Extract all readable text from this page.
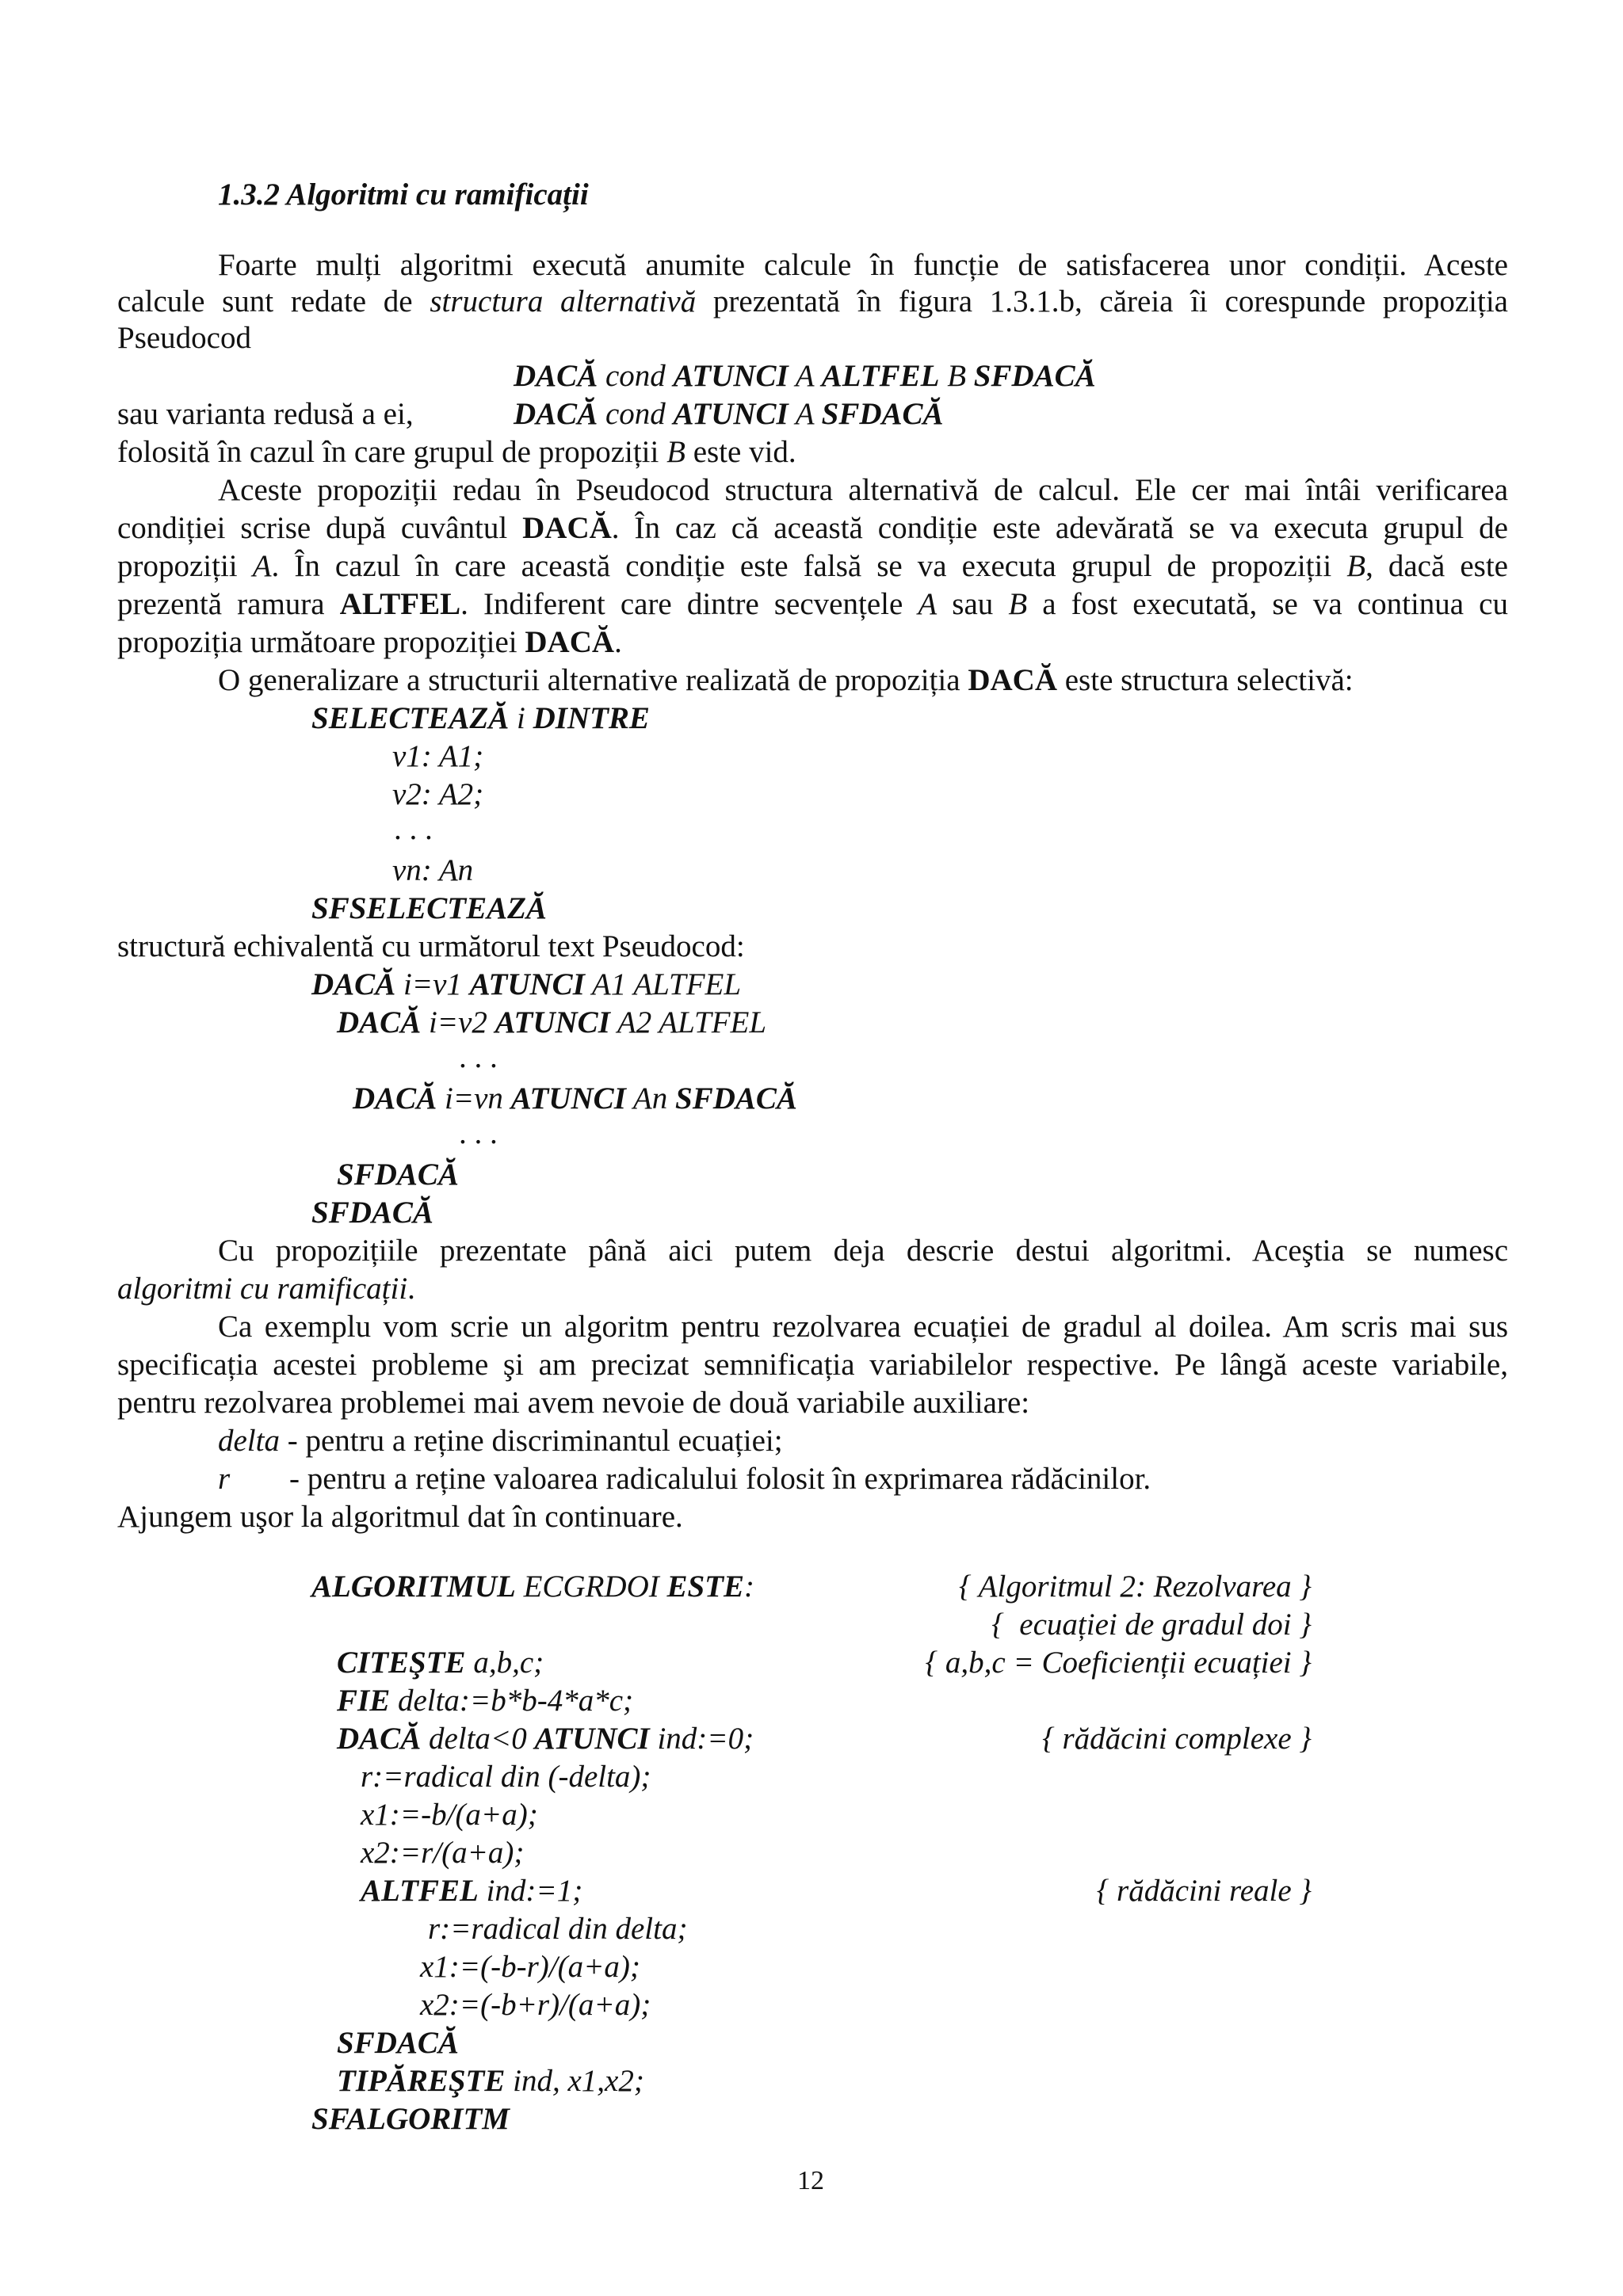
1.3.2 Algoritmi cu ramificații
Foarte mulți algoritmi execută anumite calcule în funcție de satisfacerea unor condiții. Aceste
calcule sunt redate de structura alternativă prezentată în figura 1.3.1.b, căreia îi corespunde propoziția
Pseudocod
DACĂ cond ATUNCI A ALTFEL B SFDACĂ
sau varianta redusă a ei,	DACĂ cond ATUNCI A SFDACĂ
folosită în cazul în care grupul de propoziții B este vid.
Aceste propoziții redau în Pseudocod structura alternativă de calcul. Ele cer mai întâi verificarea
condiției scrise după cuvântul DACĂ. În caz că această condiție este adevărată se va executa grupul de
propoziții A. În cazul în care această condiție este falsă se va executa grupul de propoziții B, dacă este
prezentă ramura ALTFEL. Indiferent care dintre secvențele A sau B a fost executată, se va continua cu
propoziția următoare propoziției DACĂ.
O generalizare a structurii alternative realizată de propoziția DACĂ este structura selectivă:
SELECTEAZĂ i DINTRE
v1: A1;
v2: A2;
. . .
vn: An
SFSELECTEAZĂ
structură echivalentă cu următorul text Pseudocod:
DACĂ i=v1 ATUNCI A1 ALTFEL
DACĂ i=v2 ATUNCI A2 ALTFEL
. . .
DACĂ i=vn ATUNCI An SFDACĂ
. . .
SFDACĂ
SFDACĂ
Cu propozițiile prezentate până aici putem deja descrie destui algoritmi. Aceştia se numesc
algoritmi cu ramificații.
Ca exemplu vom scrie un algoritm pentru rezolvarea ecuației de gradul al doilea. Am scris mai sus
specificația acestei probleme şi am precizat semnificația variabilelor respective. Pe lângă aceste variabile,
pentru rezolvarea problemei mai avem nevoie de două variabile auxiliare:
delta - pentru a reține discriminantul ecuației;
r - pentru a reține valoarea radicalului folosit în exprimarea rădăcinilor.
Ajungem uşor la algoritmul dat în continuare.
ALGORITMUL ECGRDOI ESTE:	{ Algoritmul 2: Rezolvarea }
{  ecuației de gradul doi }
CITEŞTE a,b,c;	{ a,b,c = Coeficienții ecuației }
FIE delta:=b*b-4*a*c;
DACĂ delta<0 ATUNCI ind:=0;	{ rădăcini complexe }
r:=radical din (-delta);
x1:=-b/(a+a);
x2:=r/(a+a);
ALTFEL ind:=1;	{ rădăcini reale }
r:=radical din delta;
x1:=(-b-r)/(a+a);
x2:=(-b+r)/(a+a);
SFDACĂ
TIPĂREŞTE ind, x1,x2;
SFALGORITM
12
